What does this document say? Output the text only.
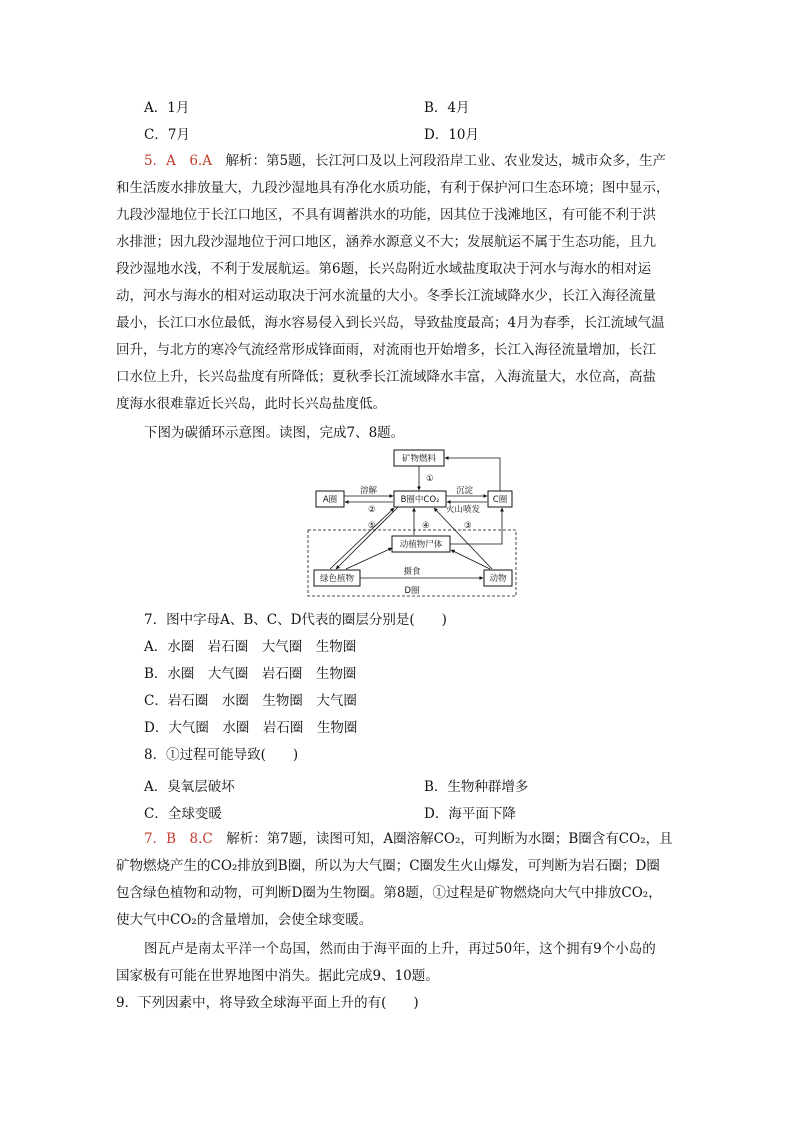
A．1月	B．4月
C．7月	D．10月
5．A　6.A　 解析：第5题，长江河口及以上河段沿岸工业、农业发达，城市众多，生产
和生活废水排放量大，九段沙湿地具有净化水质功能，有利于保护河口生态环境；图中显示，
九段沙湿地位于长江口地区，不具有调蓄洪水的功能，因其位于浅滩地区，有可能不利于洪
水排泄；因九段沙湿地位于河口地区，涵养水源意义不大；发展航运不属于生态功能，且九
段沙湿地水浅，不利于发展航运。第6题，长兴岛附近水域盐度取决于河水与海水的相对运
动，河水与海水的相对运动取决于河水流量的大小。冬季长江流域降水少，长江入海径流量
最小，长江口水位最低，海水容易侵入到长兴岛，导致盐度最高；4月为春季，长江流域气温
回升，与北方的寒冷气流经常形成锋面雨，对流雨也开始增多，长江入海径流量增加，长江
口水位上升，长兴岛盐度有所降低；夏秋季长江流域降水丰富，入海流量大，水位高，高盐
度海水很难靠近长兴岛，此时长兴岛盐度低。
下图为碳循环示意图。读图，完成7、8题。
矿物燃料
A圈	B圈中CO₂	C圈
动植物尸体
绿色植物	动物
①
溶解	沉淀
火山喷发
②
⑤	④	③
摄食
D圈
7．图中字母A、B、C、D代表的圈层分别是(　　)
A．水圈　岩石圈　大气圈　生物圈
B．水圈　大气圈　岩石圈　生物圈
C．岩石圈　水圈　生物圈　大气圈
D．大气圈　水圈　岩石圈　生物圈
8．①过程可能导致(　　)
A．臭氧层破坏	B．生物种群增多
C．全球变暖	D．海平面下降
7．B　8.C　 解析：第7题，读图可知，A圈溶解CO₂，可判断为水圈；B圈含有CO₂，且
矿物燃烧产生的CO₂排放到B圈，所以为大气圈；C圈发生火山爆发，可判断为岩石圈；D圈
包含绿色植物和动物，可判断D圈为生物圈。第8题，①过程是矿物燃烧向大气中排放CO₂，
使大气中CO₂的含量增加，会使全球变暖。
图瓦卢是南太平洋一个岛国，然而由于海平面的上升，再过50年，这个拥有9个小岛的
国家极有可能在世界地图中消失。据此完成9、10题。
9．下列因素中，将导致全球海平面上升的有(　　)
